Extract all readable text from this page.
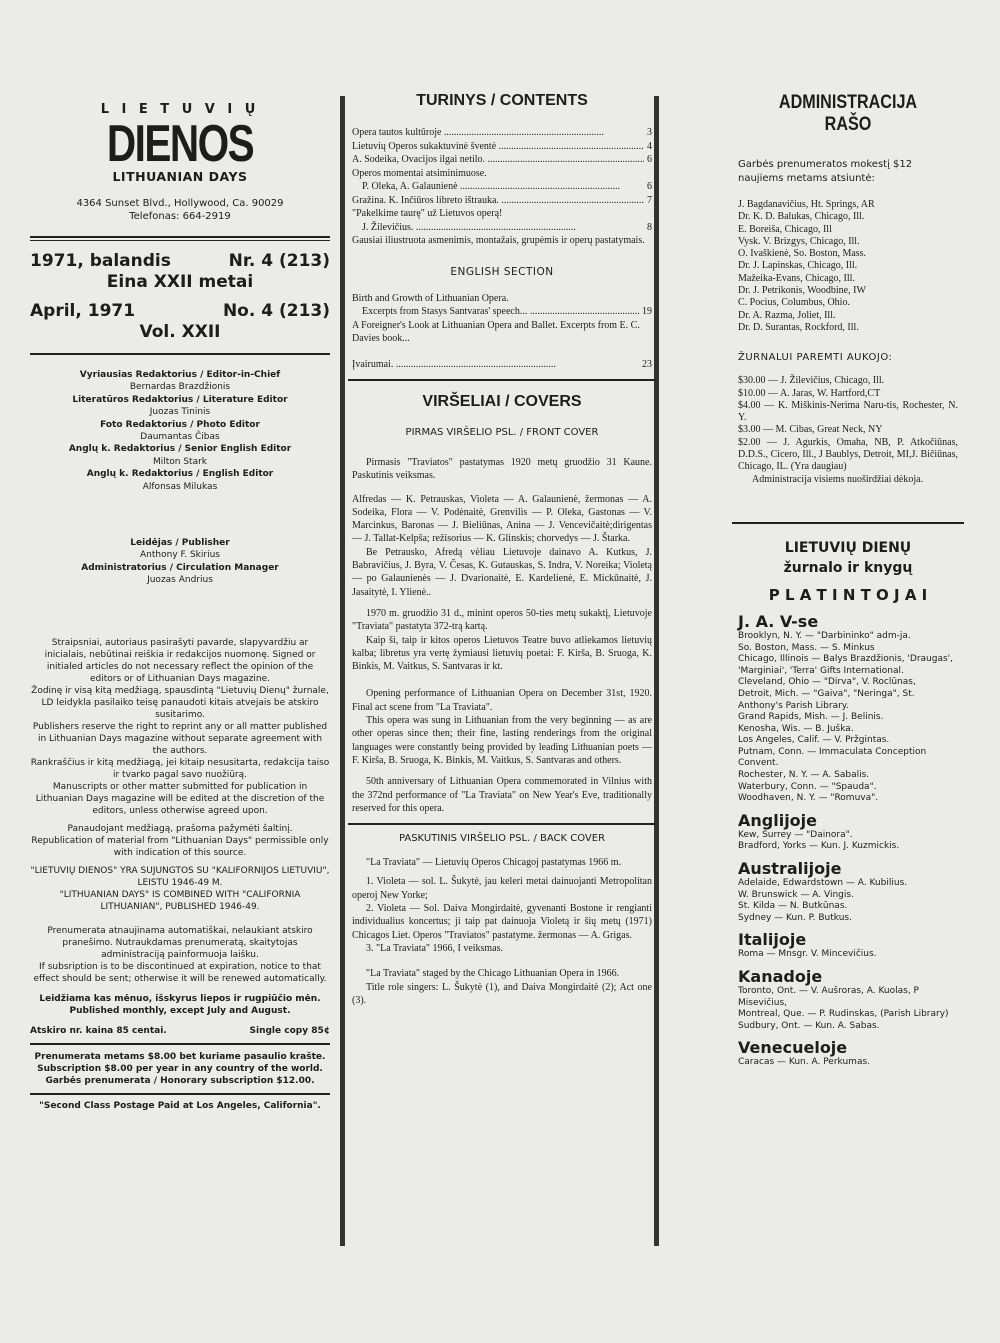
L I E T U V I Ų
DIENOS
LITHUANIAN DAYS
4364 Sunset Blvd., Hollywood, Ca. 90029
Telefonas: 664-2919
1971, balandis	Nr. 4 (213)
Eina XXII metai
April, 1971	No. 4 (213)
Vol. XXII
Vyriausias Redaktorius / Editor-in-Chief
Bernardas Brazdžionis
Literatūros Redaktorius / Literature Editor
Juozas Tininis
Foto Redaktorius / Photo Editor
Daumantas Čibas
Anglų k. Redaktorius / Senior English Editor
Milton Stark
Anglų k. Redaktorius / English Editor
Alfonsas Milukas
Leidėjas / Publisher
Anthony F. Skirius
Administratorius / Circulation Manager
Juozas Andrius

Straipsniai, autoriaus pasirašyti pavarde, slapyvardžiu ar inicialais, nebūtinai reiškia ir redakcijos nuomonę. Signed or initialed articles do not necessary reflect the opinion of the editors or of Lithuanian Days magazine.

Žodinę ir visą kitą medžiagą, spausdintą "Lietuvių Dienų" žurnale, LD leidykla pasilaiko teisę panaudoti kitais atvejais be atskiro susitarimo.

Publishers reserve the right to reprint any or all matter published in Lithuanian Days magazine without separate agreement with the authors.

Rankraščius ir kitą medžiagą, jei kitaip nesusitarta, redakcija taiso ir tvarko pagal savo nuožiūrą.

Manuscripts or other matter submitted for publication in Lithuanian Days magazine will be edited at the discretion of the editors, unless otherwise agreed upon.

Panaudojant medžiagą, prašoma pažymėti šaltinį.

Republication of material from "Lithuanian Days" permissible only with indication of this source.

"LIETUVIŲ DIENOS" YRA SUJUNGTOS SU "KALIFORNIJOS LIETUVIU", LEISTU 1946-49 M.

"LITHUANIAN DAYS" IS COMBINED WITH "CALIFORNIA LITHUANIAN", PUBLISHED 1946-49.

Prenumerata atnaujinama automatiškai, nelaukiant atskiro pranešimo. Nutraukdamas prenumeratą, skaitytojas administraciją painformuoja laišku.

If subsription is to be discontinued at expiration, notice to that effect should be sent; otherwise it will be renewed automatically.

Leidžiama kas mėnuo, išskyrus liepos ir rugpiūčio mėn.

Published monthly, except July and August.

Atskiro nr. kaina 85 centai.	Single copy 85¢
Prenumerata metams $8.00 bet kuriame pasaulio krašte.
Subscription $8.00 per year in any country of the world.
Garbės prenumerata / Honorary subscription $12.00.
"Second Class Postage Paid at Los Angeles, California".
TURINYS / CONTENTS
Opera tautos kultūroje .....	3
Lietuvių Operos sukaktuvinė šventė .....	4
A. Sodeika, Ovacijos ilgai netilo. .....	6
Operos momentai atsiminimuose.
P. Oleka, A. Galaunienė .....	6
Gražina. K. Inčiūros libreto ištrauka. .....	7
"Pakelkime taurę" už Lietuvos operą!
J. Žilevičius. .....	8
Gausiai iliustruota asmenimis, montažais, grupėmis ir operų pastatymais.
ENGLISH SECTION
Birth and Growth of Lithuanian Opera.
Excerpts from Stasys Santvaras' speech... .....	19
A Foreigner's Look at Lithuanian Opera and Ballet. Excerpts from E. C. Davies book...
Įvairumai. .....	23
VIRŠELIAI / COVERS
PIRMAS VIRŠELIO PSL. / FRONT COVER

Pirmasis "Traviatos" pastatymas 1920 metų gruodžio 31 Kaune. Paskutinis veiksmas.

Alfredas — K. Petrauskas, Violeta — A. Galaunienė, žermonas — A. Sodeika, Flora — V. Podėnaitė, Grenvilis — P. Oleka, Gastonas — V. Marcinkus, Baronas — J. Bieliūnas, Anina — J. Vencevičaitė;dirigentas — J. Tallat-Kelpša; režisorius — K. Glinskis; chorvedys — J. Štarka.

Be Petrausko, Afredą vėliau Lietuvoje dainavo A. Kutkus, J. Babravičius, J. Byra, V. Česas, K. Gutauskas, S. Indra, V. Noreika; Violetą — po Galaunienės — J. Dvarionaitė, E. Kardelienė, E. Mickūnaitė, J. Jasaitytė, I. Ylienė..

1970 m. gruodžio 31 d., minint operos 50-ties metų sukaktį, Lietuvoje "Traviata" pastatyta 372-trą kartą.

Kaip ši, taip ir kitos operos Lietuvos Teatre buvo atliekamos lietuvių kalba; libretus yra vertę žymiausi lietuvių poetai: F. Kirša, B. Sruoga, K. Binkis, M. Vaitkus, S. Santvaras ir kt.

Opening performance of Lithuanian Opera on December 31st, 1920. Final act scene from "La Traviata".

This opera was sung in Lithuanian from the very beginning — as are other operas since then; their fine, lasting renderings from the original languages were constantly being provided by leading Lithuanian poets — F. Kirša, B. Sruoga, K. Binkis, M. Vaitkus, S. Santvaras and others.

50th anniversary of Lithuanian Opera commemorated in Vilnius with the 372nd performance of "La Traviata" on New Year's Eve, traditionally reserved for this opera.

PASKUTINIS VIRŠELIO PSL. / BACK COVER

"La Traviata" — Lietuvių Operos Chicagoj pastatymas 1966 m.

1. Violeta — sol. L. Šukytė, jau keleri metai dainuojanti Metropolitan operoj New Yorke;

2. Violeta — Sol. Daiva Mongirdaitė, gyvenanti Bostone ir rengianti individualius koncertus; ji taip pat dainuoja Violetą ir šių metų (1971) Chicagos Liet. Operos "Traviatos" pastatyme. žermonas — A. Grigas.

3. "La Traviata" 1966, I veiksmas.

"La Traviata" staged by the Chicago Lithuanian Opera in 1966.

Title role singers: L. Šukytė (1), and Daiva Mongirdaitė (2); Act one (3).

ADMINISTRACIJA RAŠO
Garbės prenumeratos mokestį $12 naujiems metams atsiuntė:
J. Bagdanavičius, Ht. Springs, AR
Dr. K. D. Balukas, Chicago, Ill.
E. Boreiša, Chicago, Ill
Vysk. V. Brizgys, Chicago, Ill.
O. Ivaškienė, So. Boston, Mass.
Dr. J. Lapinskas, Chicago, Ill.
Mažeika-Evans, Chicago, Ill.
Dr. J. Petrikonis, Woodbine, IW
C. Pocius, Columbus, Ohio.
Dr. A. Razma, Joliet, Ill.
Dr. D. Surantas, Rockford, Ill.
ŽURNALUI PAREMTI AUKOJO:
$30.00 — J. Žilevičius, Chicago, Ill.
$10.00 — A. Jaras, W. Hartford,CT
$4.00 — K. Miškinis-Nerima Naru-tis, Rochester, N. Y.
$3.00 — M. Cibas, Great Neck, NY
$2.00 — J. Agurkis, Omaha, NB, P. Atkočiūnas, D.D.S., Cicero, Ill., J Baublys, Detroit, MI,J. Bičiūnas, Chicago, IL. (Yra daugiau)
Administracija visiems nuoširdžiai dėkoja.
LIETUVIŲ DIENŲ
žurnalo ir knygų
P L A T I N T O J A I
J. A. V-se
Brooklyn, N. Y. — "Darbininko" adm-ja.
So. Boston, Mass. — S. Minkus
Chicago, Illinois — Balys Brazdžionis, 'Draugas', 'Marginiai', 'Terra' Gifts International.
Cleveland, Ohio — "Dirva", V. Roclūnas,
Detroit, Mich. — "Gaiva", "Neringa", St. Anthony's Parish Library.
Grand Rapids, Mish. — J. Belinis.
Kenosha, Wis. — B. Juška.
Los Angeles, Calif. — V. Pržgintas.
Putnam, Conn. — Immaculata Conception Convent.
Rochester, N. Y. — A. Sabalis.
Waterbury, Conn. — "Spauda".
Woodhaven, N. Y. — "Romuva".
Anglijoje
Kew, Surrey — "Dainora".
Bradford, Yorks — Kun. J. Kuzmickis.
Australijoje
Adelaide, Edwardstown — A. Kubilius.
W. Brunswick — A. Vingis.
St. Kilda — N. Butkūnas.
Sydney — Kun. P. Butkus.
Italijoje
Roma — Mnsgr. V. Mincevičius.
Kanadoje
Toronto, Ont. — V. Aušroras, A. Kuolas, P Misevičius,
Montreal, Que. — P. Rudinskas, (Parish Library)
Sudbury, Ont. — Kun. A. Sabas.
Venecueloje
Caracas — Kun. A. Perkumas.
